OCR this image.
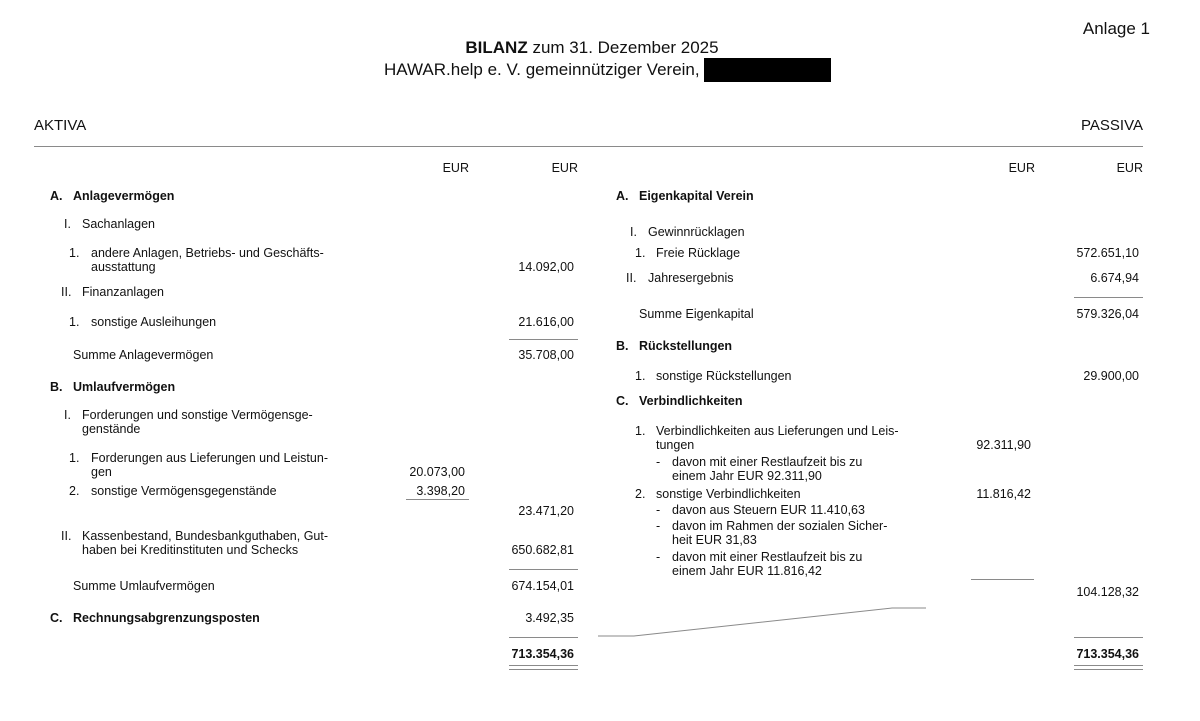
Anlage 1
BILANZ zum 31. Dezember 2025
HAWAR.help e. V. gemeinnütziger Verein,
AKTIVA	PASSIVA
EUR	EUR
A. Anlagevermögen
I. Sachanlagen
1. andere Anlagen, Betriebs- und Geschäfts-
ausstattung	14.092,00
II. Finanzanlagen
1. sonstige Ausleihungen	21.616,00
Summe Anlagevermögen	35.708,00
B. Umlaufvermögen
I. Forderungen und sonstige Vermögensge-
genstände
1. Forderungen aus Lieferungen und Leistun-
gen	20.073,00
2. sonstige Vermögensgegenstände	3.398,20
23.471,20
II. Kassenbestand, Bundesbankguthaben, Gut-
haben bei Kreditinstituten und Schecks	650.682,81
Summe Umlaufvermögen	674.154,01
C. Rechnungsabgrenzungsposten	3.492,35
713.354,36
EUR	EUR
A. Eigenkapital Verein
I. Gewinnrücklagen
1. Freie Rücklage	572.651,10
II. Jahresergebnis	6.674,94
Summe Eigenkapital	579.326,04
B. Rückstellungen
1. sonstige Rückstellungen	29.900,00
C. Verbindlichkeiten
1. Verbindlichkeiten aus Lieferungen und Leis-
tungen	92.311,90
- davon mit einer Restlaufzeit bis zu
einem Jahr EUR 92.311,90
2. sonstige Verbindlichkeiten	11.816,42
- davon aus Steuern EUR 11.410,63
- davon im Rahmen der sozialen Sicher-
heit EUR 31,83
- davon mit einer Restlaufzeit bis zu
einem Jahr EUR 11.816,42
104.128,32
713.354,36
